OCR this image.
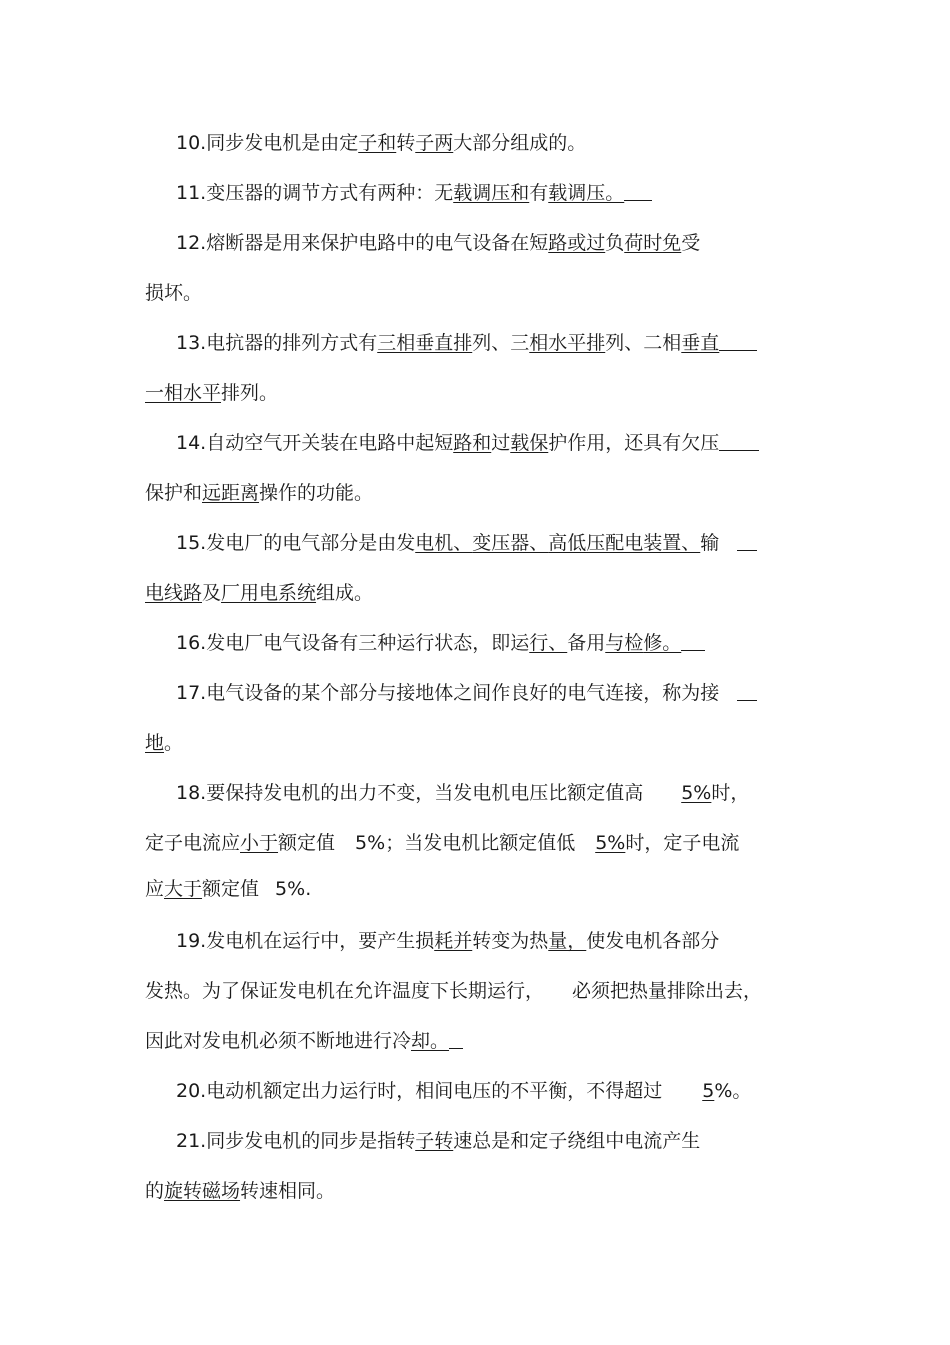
10.同步发电机是由定子和转子两大部分组成的。
11.变压器的调节方式有两种：无载调压和有载调压。
12.熔断器是用来保护电路中的电气设备在短路或过负荷时免受
损坏。
13.电抗器的排列方式有三相垂直排列、三相水平排列、二相垂直
一相水平排列。
14.自动空气开关装在电路中起短路和过载保护作用，还具有欠压
保护和远距离操作的功能。
15.发电厂的电气部分是由发电机、变压器、高低压配电装置、输
电线路及厂用电系统组成。
16.发电厂电气设备有三种运行状态，即运行、备用与检修。
17.电气设备的某个部分与接地体之间作良好的电气连接，称为接
地。
18.要保持发电机的出力不变，当发电机电压比额定值高 5%时，
定子电流应小于额定值 5%；当发电机比额定值低 5%时，定子电流
应大于额定值 5%.
19.发电机在运行中，要产生损耗并转变为热量，使发电机各部分
发热。为了保证发电机在允许温度下长期运行， 必须把热量排除出去，
因此对发电机必须不断地进行冷却。
20.电动机额定出力运行时，相间电压的不平衡，不得超过 5%。
21.同步发电机的同步是指转子转速总是和定子绕组中电流产生
的旋转磁场转速相同。
